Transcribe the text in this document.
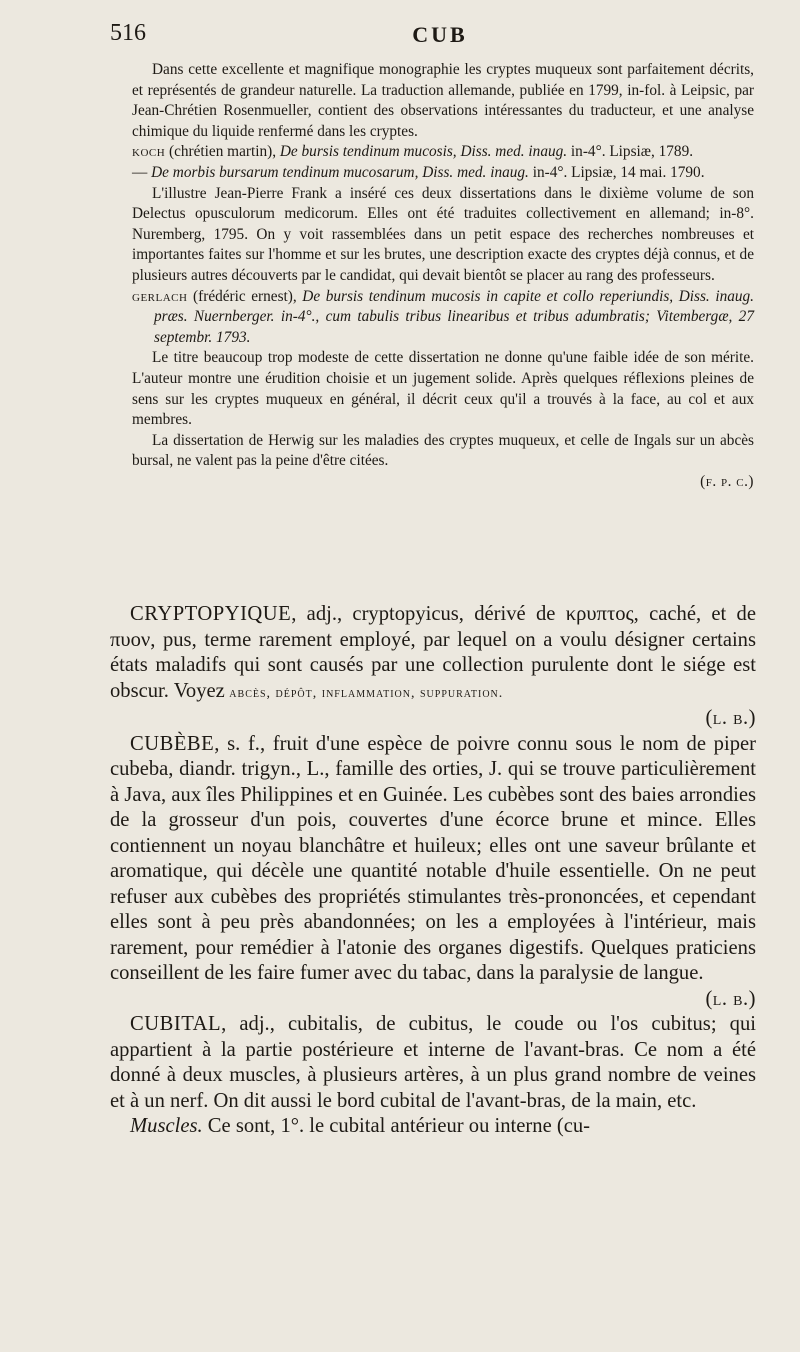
516	CUB

Dans cette excellente et magnifique monographie les cryptes muqueux sont parfaitement décrits, et représentés de grandeur naturelle. La traduction allemande, publiée en 1799, in-fol. à Leipsic, par Jean-Chrétien Rosenmueller, contient des observations intéressantes du traducteur, et une analyse chimique du liquide renfermé dans les cryptes.

koch (chrétien martin), De bursis tendinum mucosis, Diss. med. inaug. in-4°. Lipsiæ, 1789.

— De morbis bursarum tendinum mucosarum, Diss. med. inaug. in-4°. Lipsiæ, 14 mai. 1790.

L'illustre Jean-Pierre Frank a inséré ces deux dissertations dans le dixième volume de son Delectus opusculorum medicorum. Elles ont été traduites collectivement en allemand; in-8°. Nuremberg, 1795. On y voit rassemblées dans un petit espace des recherches nombreuses et importantes faites sur l'homme et sur les brutes, une description exacte des cryptes déjà connus, et de plusieurs autres découverts par le candidat, qui devait bientôt se placer au rang des professeurs.

gerlach (frédéric ernest), De bursis tendinum mucosis in capite et collo reperiundis, Diss. inaug. præs. Nuernberger. in-4°., cum tabulis tribus linearibus et tribus adumbratis; Vitembergæ, 27 septembr. 1793.

Le titre beaucoup trop modeste de cette dissertation ne donne qu'une faible idée de son mérite. L'auteur montre une érudition choisie et un jugement solide. Après quelques réflexions pleines de sens sur les cryptes muqueux en général, il décrit ceux qu'il a trouvés à la face, au col et aux membres.

La dissertation de Herwig sur les maladies des cryptes muqueux, et celle de Ingals sur un abcès bursal, ne valent pas la peine d'être citées.

(f. p. c.)

CRYPTOPYIQUE, adj., cryptopyicus, dérivé de κρυπτος, caché, et de πυον, pus, terme rarement employé, par lequel on a voulu désigner certains états maladifs qui sont causés par une collection purulente dont le siége est obscur. Voyez abcès, dépôt, inflammation, suppuration.

(l. b.)

CUBÈBE, s. f., fruit d'une espèce de poivre connu sous le nom de piper cubeba, diandr. trigyn., L., famille des orties, J. qui se trouve particulièrement à Java, aux îles Philippines et en Guinée. Les cubèbes sont des baies arrondies de la grosseur d'un pois, couvertes d'une écorce brune et mince. Elles contiennent un noyau blanchâtre et huileux; elles ont une saveur brûlante et aromatique, qui décèle une quantité notable d'huile essentielle. On ne peut refuser aux cubèbes des propriétés stimulantes très-prononcées, et cependant elles sont à peu près abandonnées; on les a employées à l'intérieur, mais rarement, pour remédier à l'atonie des organes digestifs. Quelques praticiens conseillent de les faire fumer avec du tabac, dans la paralysie de langue.

(l. b.)

CUBITAL, adj., cubitalis, de cubitus, le coude ou l'os cubitus; qui appartient à la partie postérieure et interne de l'avant-bras. Ce nom a été donné à deux muscles, à plusieurs artères, à un plus grand nombre de veines et à un nerf. On dit aussi le bord cubital de l'avant-bras, de la main, etc.

Muscles. Ce sont, 1°. le cubital antérieur ou interne (cu-
